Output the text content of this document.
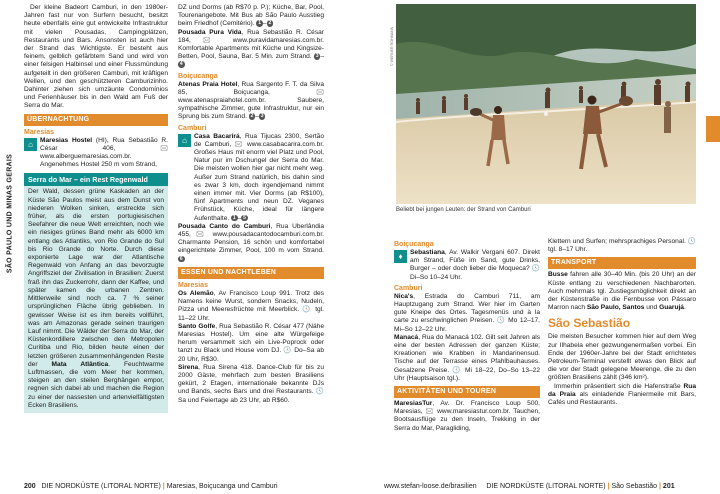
SÃO PAULO UND MINAS GERAIS

Der kleine Badeort Camburi, in den 1980er-Jahren fast nur von Surfern besucht, besitzt heute ebenfalls eine gut entwickelte Infrastruktur mit vielen Pousadas, Campingplätzen, Restaurants und Bars. Ansonsten ist auch hier der Strand das Wichtigste. Er besteht aus feinem, gelblich gefärbtem Sand und wird von einer felsigen Halbinsel und einer Flussmündung aufgeteilt in den größeren Camburi, mit kräftigen Wellen, und den geschützteren Camburizinho. Dahinter ziehen sich umzäunte Condomínios und Ferienhäuser bis in den Wald am Fuß der Serra do Mar.

ÜBERNACHTUNG
Maresias
⌂	Maresias Hostel (HI), Rua Sebastião R. César 406, 🖂 www.alberguemaresias.com.br. Angenehmes Hostel 250 m vom Strand,
Serra do Mar – ein Rest Regenwald
Der Wald, dessen grüne Kaskaden an der Küste São Paulos meist aus dem Dunst von niederen Wolken sinken, erstreckte sich früher, als die ersten portugiesischen Seefahrer die neue Welt erreichten, noch wie ein riesiges grünes Band mehr als 6000 km entlang des Atlantiks, von Rio Grande do Sul bis Rio Grande do Norte. Durch diese exponierte Lage war der Atlantische Regenwald von Anfang an das bevorzugte Angriffsziel der Zivilisation in Brasilien: Zuerst fraß ihn das Zuckerrohr, dann der Kaffee, und später kamen die urbanen Zentren. Mittlerweile sind noch ca. 7 % seiner ursprünglichen Fläche übrig geblieben. In gewisser Weise ist es ihm bereits vollführt, was am Amazonas gerade seinen traurigen Lauf nimmt. Die Wälder der Serra do Mar, der Küstenkordillere zwischen den Metropolen Curitiba und Rio, bilden heute einen der letzten größeren zusammenhängenden Reste der Mata Atlântica. Feuchtwarme Luftmassen, die vom Meer her kommen, steigen an den steilen Berghängen empor, regnen sich dabei ab und machen die Region zu einer der nassesten und artenvielfältigsten Ecken Brasiliens.

DZ und Dorms (ab R$70 p. P.); Küche, Bar, Pool, Tourenangebote. Mit Bus ab São Paulo Ausstieg beim Friedhof (Cemitério). 1 – 2

Pousada Pura Vida, Rua Sebastião R. César 184, 🖂 www.puravidamaresias.com.br. Komfortable Apartments mit Küche und Kingsize-Betten, Pool, Sauna, Bar. 5 Min. zum Strand. 3 –4

Boiçucanga

Atenas Praia Hotel, Rua Sargento F. T. da Silva 85, Boiçucanga, 🖂 www.atenaspraiahotel.com.br. Saubere, sympathische Zimmer, gute Infrastruktur, nur ein Sprung bis zum Strand. 2 – 3

Camburi
⌂	Casa Bacarirá, Rua Tijucas 2300, Sertão de Camburi, 🖂 www.casabacarira.com.br. Großes Haus mit enorm viel Platz und Pool, Natur pur im Dschungel der Serra do Mar. Die meisten wollen hier gar nicht mehr weg. Außer zum Strand natürlich, bis dahin sind es zwar 3 km, doch irgendjemand nimmt einen immer mit. Vier Dorms (ab R$100), fünf Apartments und neun DZ. Veganes Frühstück, Küche, ideal für längere Aufenthalte. 1 – 5

Pousada Canto do Camburi, Rua Uberlândia 455, 🖂 www.pousadacantodocamburi.com.br. Charmante Pension, 16 schön und komfortabel eingerichtete Zimmer, Pool, 100 m vom Strand. 6

ESSEN UND NACHTLEBEN
Maresias

Os Alemão, Av Francisco Loup 991. Trotz des Namens keine Wurst, sondern Snacks, Nudeln, Pizza und Meeresfrüchte mit Meerblick. 🕓 tgl. 11–22 Uhr.

Santo Golfe, Rua Sebastião R. César 477 (Nähe Maresias Hostel). Um eine alte Würgefeige herum versammelt sich ein Live-Poprock oder tanzt zu Black und House vom DJ. 🕓 Do–Sa ab 20 Uhr, R$30.

Sirena, Rua Sirena 418. Dance-Club für bis zu 2000 Gäste, mehrfach zum besten Brasiliens gekürt, 2 Etagen, internationale bekannte DJs und Bands, sechs Bars und drei Restaurants. 🕓 Sa und Feiertage ab 23 Uhr, ab R$60.

200 DIE NORDKÜSTE (LITORAL NORTE) | Maresias, Boiçucanga und Camburi
© WERNER ROHMANN
Beliebt bei jungen Leuten: der Strand von Camburi
Boiçucanga
♦	Sebastiana, Av. Walkir Vergani 607. Direkt am Strand, Füße im Sand, gute Drinks, Burger – oder doch lieber die Moqueca? 🕓 Di–So 10–24 Uhr.
Camburi

Nica's, Estrada do Camburi 711, am Hauptzugang zum Strand. Wer hier im Garten gute Kneipe des Ortes. Tagesmenüs und à la carte zu erschwinglichen Preisen. 🕓 Mo 12–17, Mi–So 12–22 Uhr.

Manacá, Rua do Manacá 102. Gilt seit Jahren als eine der besten Adressen der ganzen Küste; Kreationen wie Krabben in Mandarinensud. Tische auf der Terrasse eines Pfahlbauhauses. Gesalzene Preise. 🕓 Mi 18–22, Do–So 13–22 Uhr (Hauptsaison tgl.).

AKTIVITÄTEN UND TOUREN

MaresiasTur, Av. Dr. Francisco Loup 500, Maresias, 🖂 www.maresiastur.com.br. Tauchen, Bootsausflüge zu den Inseln, Trekking in der Serra do Mar, Paragliding,

Klettern und Surfen; mehrsprachiges Personal. 🕓 tgl. 8–17 Uhr.

TRANSPORT

Busse fahren alle 30–40 Min. (bis 20 Uhr) an der Küste entlang zu verschiedenen Nachbarorten. Auch mehrmals tgl. Zustiegsmöglichkeit direkt an der Küstenstraße in die Fernbusse von Pássaro Marron nach São Paulo, Santos und Guarujá.

São Sebastião

Die meisten Besucher kommen hier auf dem Weg zur Ilhabela eher gezwungenermaßen vorbei. Ein Ende der 1960er-Jahre bei der Stadt errichtetes Petroleum-Terminal verstellt etwas den Blick auf die vor der Stadt gelegene Meerenge, die zu den größten Brasiliens zählt (346 km²).

Immerhin präsentiert sich die Hafenstraße Rua da Praia als einladende Flaniermeile mit Bars, Cafés und Restaurants.

www.stefan-loose.de/brasilien DIE NORDKÜSTE (LITORAL NORTE) | São Sebastião | 201
